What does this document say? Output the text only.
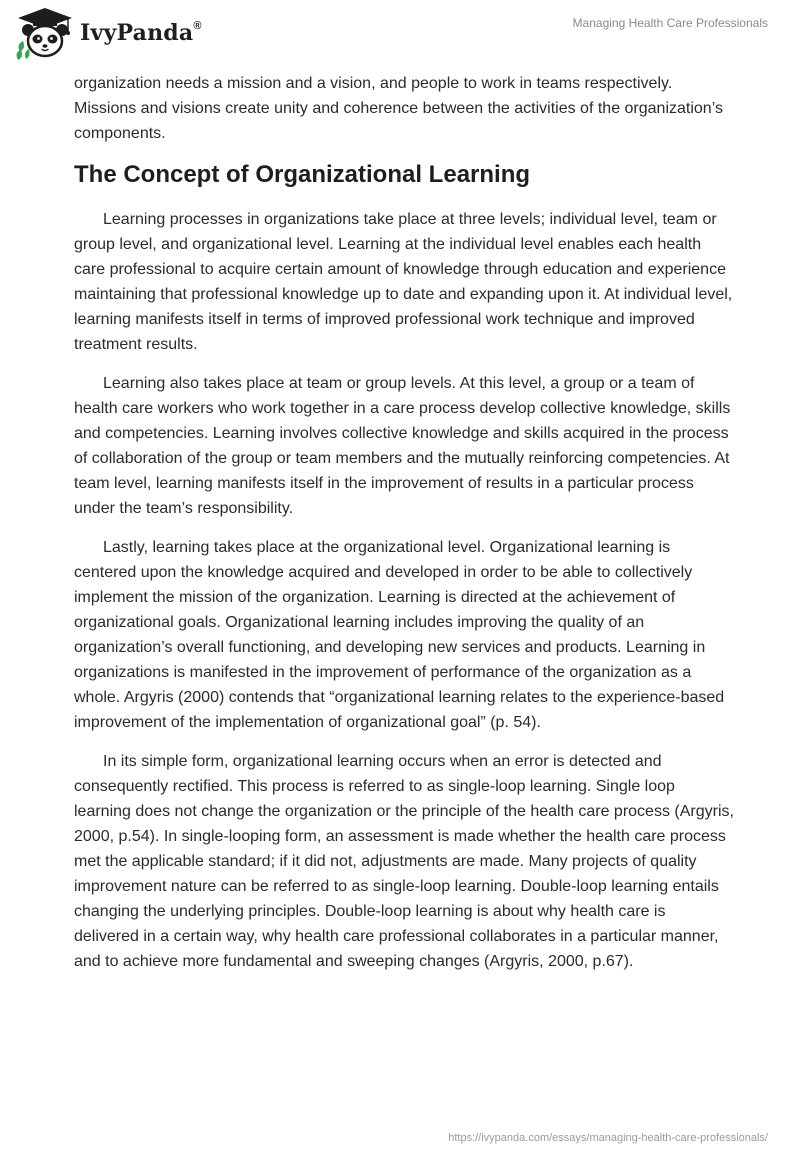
IvyPanda®	Managing Health Care Professionals

organization needs a mission and a vision, and people to work in teams respectively. Missions and visions create unity and coherence between the activities of the organization’s components.

The Concept of Organizational Learning

Learning processes in organizations take place at three levels; individual level, team or group level, and organizational level. Learning at the individual level enables each health care professional to acquire certain amount of knowledge through education and experience maintaining that professional knowledge up to date and expanding upon it. At individual level, learning manifests itself in terms of improved professional work technique and improved treatment results.

Learning also takes place at team or group levels. At this level, a group or a team of health care workers who work together in a care process develop collective knowledge, skills and competencies. Learning involves collective knowledge and skills acquired in the process of collaboration of the group or team members and the mutually reinforcing competencies. At team level, learning manifests itself in the improvement of results in a particular process under the team’s responsibility.

Lastly, learning takes place at the organizational level. Organizational learning is centered upon the knowledge acquired and developed in order to be able to collectively implement the mission of the organization. Learning is directed at the achievement of organizational goals. Organizational learning includes improving the quality of an organization’s overall functioning, and developing new services and products. Learning in organizations is manifested in the improvement of performance of the organization as a whole. Argyris (2000) contends that “organizational learning relates to the experience-based improvement of the implementation of organizational goal” (p. 54).

In its simple form, organizational learning occurs when an error is detected and consequently rectified. This process is referred to as single-loop learning. Single loop learning does not change the organization or the principle of the health care process (Argyris, 2000, p.54). In single-looping form, an assessment is made whether the health care process met the applicable standard; if it did not, adjustments are made. Many projects of quality improvement nature can be referred to as single-loop learning. Double-loop learning entails changing the underlying principles. Double-loop learning is about why health care is delivered in a certain way, why health care professional collaborates in a particular manner, and to achieve more fundamental and sweeping changes (Argyris, 2000, p.67).

https://ivypanda.com/essays/managing-health-care-professionals/
